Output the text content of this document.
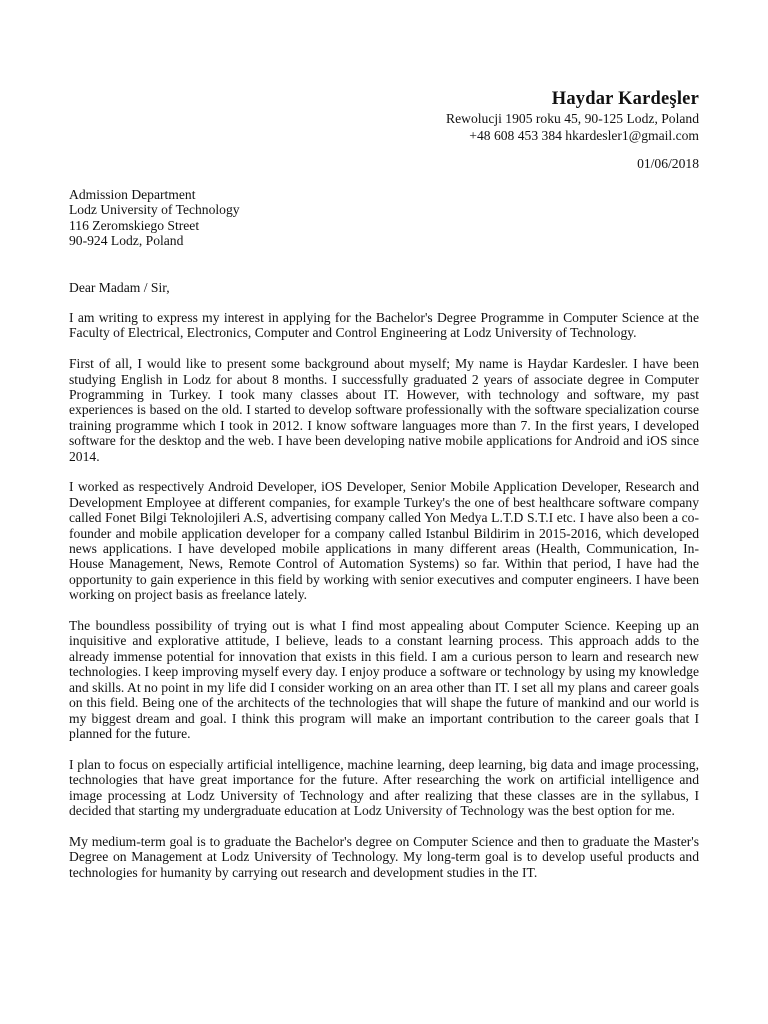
Haydar Kardeşler
Rewolucji 1905 roku 45, 90-125 Lodz, Poland
+48 608 453 384 hkardesler1@gmail.com
01/06/2018
Admission Department
Lodz University of Technology
116 Zeromskiego Street
90-924 Lodz, Poland
Dear Madam / Sir,

I am writing to express my interest in applying for the Bachelor's Degree Programme in Computer Science at the Faculty of Electrical, Electronics, Computer and Control Engineering at Lodz University of Technology.

First of all, I would like to present some background about myself; My name is Haydar Kardesler. I have been studying English in Lodz for about 8 months. I successfully graduated 2 years of associate degree in Computer Programming in Turkey. I took many classes about IT. However, with technology and software, my past experiences is based on the old. I started to develop software professionally with the software specialization course training programme which I took in 2012. I know software languages more than 7. In the first years, I developed software for the desktop and the web. I have been developing native mobile applications for Android and iOS since 2014.

I worked as respectively Android Developer, iOS Developer, Senior Mobile Application Developer, Research and Development Employee at different companies, for example Turkey's the one of best healthcare software company called Fonet Bilgi Teknolojileri A.S, advertising company called Yon Medya L.T.D S.T.I etc. I have also been a co-founder and mobile application developer for a company called Istanbul Bildirim in 2015-2016, which developed news applications. I have developed mobile applications in many different areas (Health, Communication, In-House Management, News, Remote Control of Automation Systems) so far. Within that period, I have had the opportunity to gain experience in this field by working with senior executives and computer engineers. I have been working on project basis as freelance lately.

The boundless possibility of trying out is what I find most appealing about Computer Science. Keeping up an inquisitive and explorative attitude, I believe, leads to a constant learning process. This approach adds to the already immense potential for innovation that exists in this field. I am a curious person to learn and research new technologies. I keep improving myself every day. I enjoy produce a software or technology by using my knowledge and skills. At no point in my life did I consider working on an area other than IT. I set all my plans and career goals on this field. Being one of the architects of the technologies that will shape the future of mankind and our world is my biggest dream and goal. I think this program will make an important contribution to the career goals that I planned for the future.

I plan to focus on especially artificial intelligence, machine learning, deep learning, big data and image processing, technologies that have great importance for the future. After researching the work on artificial intelligence and image processing at Lodz University of Technology and after realizing that these classes are in the syllabus, I decided that starting my undergraduate education at Lodz University of Technology was the best option for me.

My medium-term goal is to graduate the Bachelor's degree on Computer Science and then to graduate the Master's Degree on Management at Lodz University of Technology. My long-term goal is to develop useful products and technologies for humanity by carrying out research and development studies in the IT.
